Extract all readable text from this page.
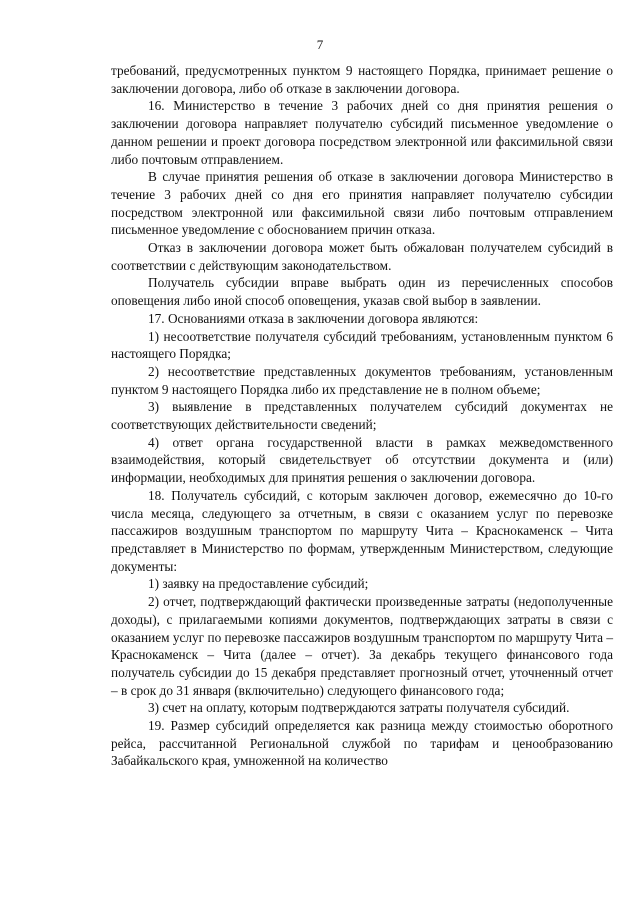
7

требований, предусмотренных пунктом 9 настоящего Порядка, принимает решение о заключении договора, либо об отказе в заключении договора.

16. Министерство в течение 3 рабочих дней со дня принятия решения о заключении договора направляет получателю субсидий письменное уведомление о данном решении и проект договора посредством электронной или факсимильной связи либо почтовым отправлением.

В случае принятия решения об отказе в заключении договора Министерство в течение 3 рабочих дней со дня его принятия направляет получателю субсидии посредством электронной или факсимильной связи либо почтовым отправлением письменное уведомление с обоснованием причин отказа.

Отказ в заключении договора может быть обжалован получателем субсидий в соответствии с действующим законодательством.

Получатель субсидии вправе выбрать один из перечисленных способов оповещения либо иной способ оповещения, указав свой выбор в заявлении.

17. Основаниями отказа в заключении договора являются:

1) несоответствие получателя субсидий требованиям, установленным пунктом 6 настоящего Порядка;

2) несоответствие представленных документов требованиям, установленным пунктом 9 настоящего Порядка либо их представление не в полном объеме;

3) выявление в представленных получателем субсидий документах не соответствующих действительности сведений;

4) ответ органа государственной власти в рамках межведомственного взаимодействия, который свидетельствует об отсутствии документа и (или) информации, необходимых для принятия решения о заключении договора.

18. Получатель субсидий, с которым заключен договор, ежемесячно до 10-го числа месяца, следующего за отчетным, в связи с оказанием услуг по перевозке пассажиров воздушным транспортом по маршруту Чита – Краснокаменск – Чита представляет в Министерство по формам, утвержденным Министерством, следующие документы:

1) заявку на предоставление субсидий;

2) отчет, подтверждающий фактически произведенные затраты (недополученные доходы), с прилагаемыми копиями документов, подтверждающих затраты в связи с оказанием услуг по перевозке пассажиров воздушным транспортом по маршруту Чита – Краснокаменск – Чита (далее – отчет). За декабрь текущего финансового года получатель субсидии до 15 декабря представляет прогнозный отчет, уточненный отчет – в срок до 31 января (включительно) следующего финансового года;

3) счет на оплату, которым подтверждаются затраты получателя субсидий.

19. Размер субсидий определяется как разница между стоимостью оборотного рейса, рассчитанной Региональной службой по тарифам и ценообразованию Забайкальского края, умноженной на количество
